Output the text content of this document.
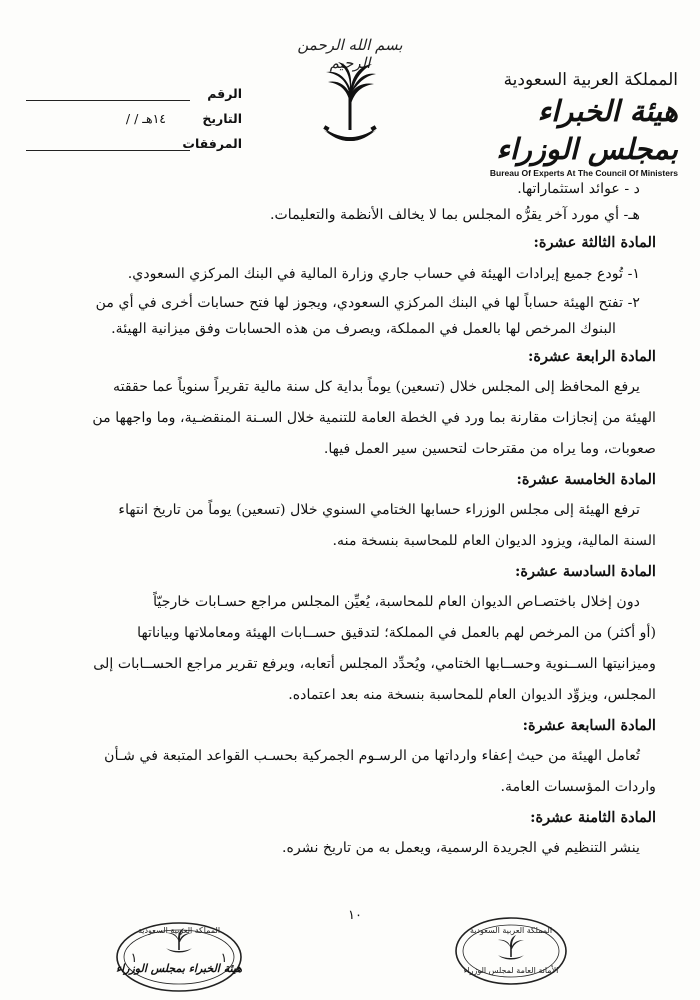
بسم الله الرحمن الرحيم
المملكة العربية السعودية
هيئة الخبراء بمجلس الوزراء
Bureau Of Experts At The Council Of Ministers
الرقم
التاريخ
/ / ١٤هـ
المرفقات
د - عوائد استثماراتها.
هـ- أي مورد آخر يقرُّه المجلس بما لا يخالف الأنظمة والتعليمات.
المادة الثالثة عشرة:
١- تُودع جميع إيرادات الهيئة في حساب جاري وزارة المالية في البنك المركزي السعودي.
٢- تفتح الهيئة حساباً لها في البنك المركزي السعودي، ويجوز لها فتح حسابات أخرى في أي من
البنوك المرخص لها بالعمل في المملكة، ويصرف من هذه الحسابات وفق ميزانية الهيئة.
المادة الرابعة عشرة:
يرفع المحافظ إلى المجلس خلال (تسعين) يوماً بداية كل سنة مالية تقريراً سنوياً عما حققته
الهيئة من إنجازات مقارنة بما ورد في الخطة العامة للتنمية خلال السـنة المنقضـية، وما واجهها من
صعوبات، وما يراه من مقترحات لتحسين سير العمل فيها.
المادة الخامسة عشرة:
ترفع الهيئة إلى مجلس الوزراء حسابها الختامي السنوي خلال (تسعين) يوماً من تاريخ انتهاء
السنة المالية، ويزود الديوان العام للمحاسبة بنسخة منه.
المادة السادسة عشرة:
دون إخلال باختصـاص الديوان العام للمحاسبة، يُعيِّن المجلس مراجع حسـابات خارجيّاً
(أو أكثر) من المرخص لهم بالعمل في المملكة؛ لتدقيق حســابات الهيئة ومعاملاتها وبياناتها
وميزانيتها الســنوية وحســابها الختامي، ويُحدِّد المجلس أتعابه، ويرفع تقرير مراجع الحســابات إلى
المجلس، ويزوِّد الديوان العام للمحاسبة بنسخة منه بعد اعتماده.
المادة السابعة عشرة:
تُعامل الهيئة من حيث إعفاء وارداتها من الرسـوم الجمركية بحسـب القواعد المتبعة في شـأن
واردات المؤسسات العامة.
المادة الثامنة عشرة:
ينشر التنظيم في الجريدة الرسمية، ويعمل به من تاريخ نشره.
١٠
المملكة العربية السعودية
هيئة الخبراء بمجلس الوزراء
١	١
المملكة العربية السعودية
الأمانة العامة لمجلس الوزراء
